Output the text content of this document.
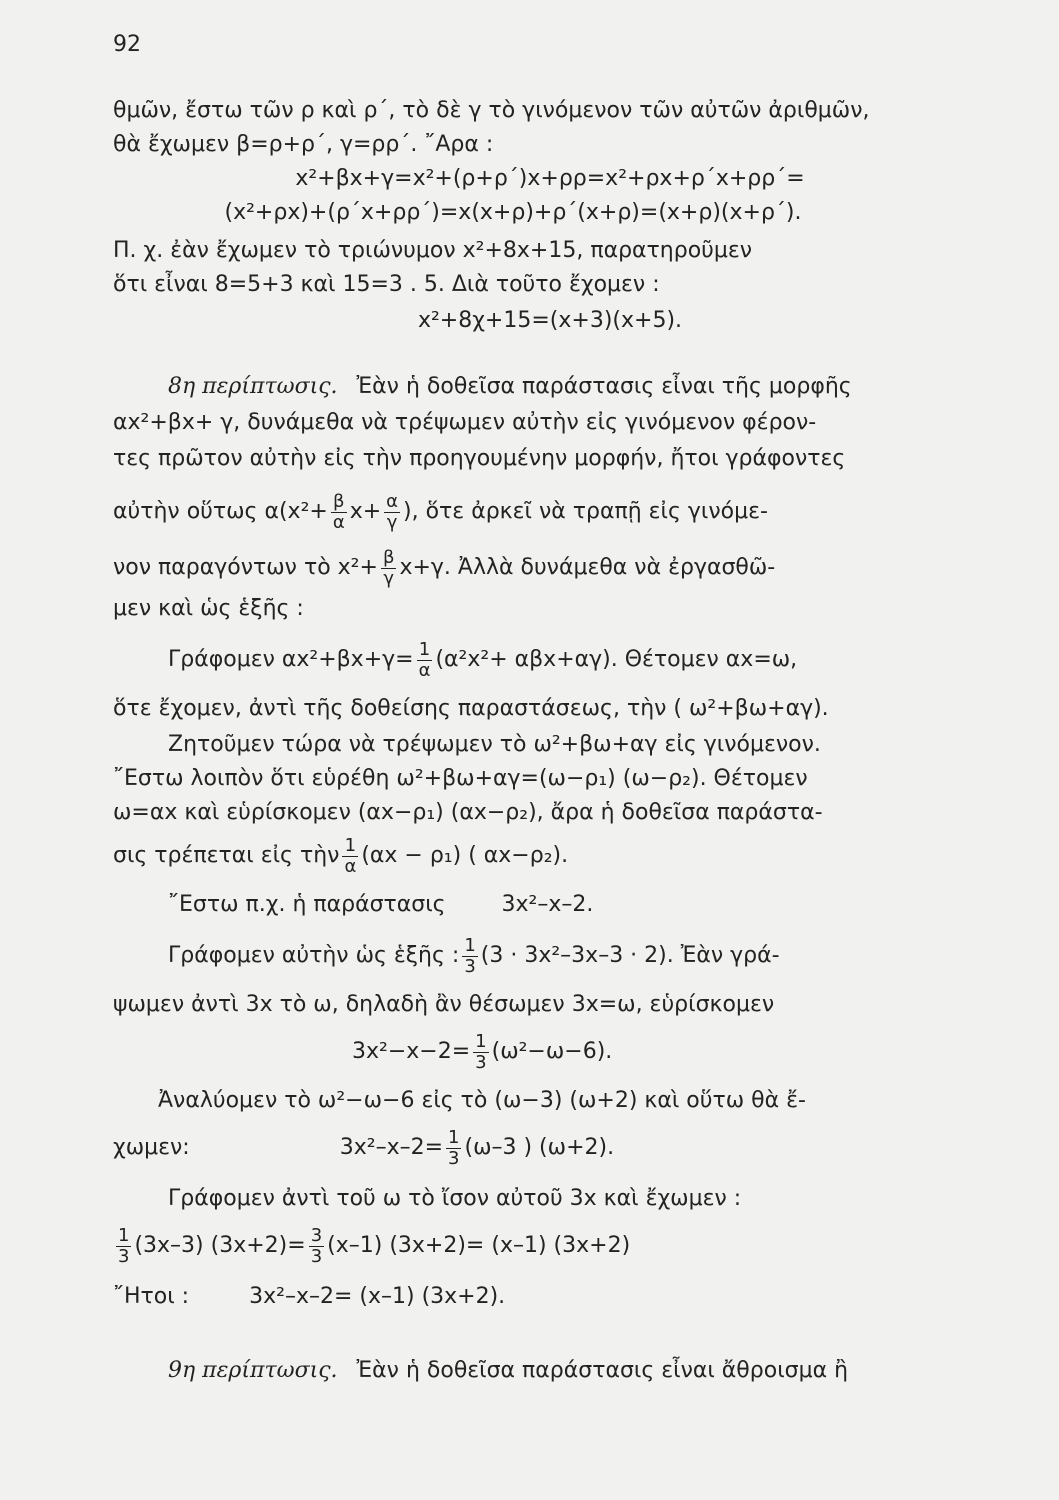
92
θμῶν, ἔστω τῶν ρ καὶ ρ΄, τὸ δὲ γ τὸ γινόμενον τῶν αὐτῶν ἀριθμῶν,
θὰ ἔχωμεν β=ρ+ρ΄, γ=ρρ΄. ῎Αρα :
x²+βx+γ=x²+(ρ+ρ΄)x+ρρ=x²+ρx+ρ΄x+ρρ΄=
(x²+ρx)+(ρ΄x+ρρ΄)=x(x+ρ)+ρ΄(x+ρ)=(x+ρ)(x+ρ΄).
Π. χ. ἐὰν ἔχωμεν τὸ τριώνυμον x²+8x+15, παρατηροῦμεν
ὅτι εἶναι 8=5+3 καὶ 15=3 . 5. Διὰ τοῦτο ἔχομεν :
x²+8χ+15=(x+3)(x+5).
8η περίπτωσις. Ἐὰν ἡ δοθεῖσα παράστασις εἶναι τῆς μορφῆς
αx²+βx+ γ, δυνάμεθα νὰ τρέψωμεν αὐτὴν εἰς γινόμενον φέρον-
τες πρῶτον αὐτὴν εἰς τὴν προηγουμένην μορφήν, ἤτοι γράφοντες
αὐτὴν οὕτως $\alpha(x^2+ \frac{\beta}{\alpha} x+ \frac{\alpha}{\gamma}$ ), ὅτε ἀρκεῖ νὰ τραπῇ εἰς γινόμε-
νον παραγόντων τὸ $x^2+ \frac{\beta}{\gamma} x+\gamma$. Ἀλλὰ δυνάμεθα νὰ ἐργασθῶ-
μεν καὶ ὡς ἑξῆς :
Γράφομεν $\alpha x^2+\beta x+\gamma= \frac{1}{\alpha} (\alpha^2x^2+ \alpha\beta x+\alpha\gamma)$. Θέτομεν αx=ω,
ὅτε ἔχομεν, ἀντὶ τῆς δοθείσης παραστάσεως, τὴν ( ω²+βω+αγ).
Ζητοῦμεν τώρα νὰ τρέψωμεν τὸ ω²+βω+αγ εἰς γινόμενον.
῎Εστω λοιπὸν ὅτι εὑρέθη ω²+βω+αγ=(ω−ρ₁) (ω−ρ₂). Θέτομεν
ω=αx καὶ εὑρίσκομεν (αx−ρ₁) (αx−ρ₂), ἄρα ἡ δοθεῖσα παράστα-
σις τρέπεται εἰς τὴν $\frac{1}{\alpha} (\alpha x - \rho_1)$ ( αx−ρ₂).
῎Εστω π.χ. ἡ παράστασις        3x²–x–2.
Γράφομεν αὐτὴν ὡς ἑξῆς : $\frac{1}{3} (3 \cdot 3x^2-3x-3 \cdot 2)$. Ἐὰν γρά-
ψωμεν ἀντὶ 3x τὸ ω, δηλαδὴ ἂν θέσωμεν 3x=ω, εὑρίσκομεν
$3x^2-x-2= \frac{1}{3} (\omega^2-\omega-6)$.
Ἀναλύομεν τὸ ω²−ω−6 εἰς τὸ (ω−3) (ω+2) καὶ οὕτω θὰ ἔ-
χωμεν:	$3x^2-x-2= \frac{1}{3} (\omega-3$ ) (ω+2).
Γράφομεν ἀντὶ τοῦ ω τὸ ἴσον αὐτοῦ 3x καὶ ἔχωμεν :
$\frac{1}{3} (3x-3)$ $(3x+2)= \frac{3}{3} (x-1)$ (3x+2)= (x–1) (3x+2)
῎Ητοι :	3x²–x–2= (x–1) (3x+2).
9η περίπτωσις. Ἐὰν ἡ δοθεῖσα παράστασις εἶναι ἄθροισμα ἢ
